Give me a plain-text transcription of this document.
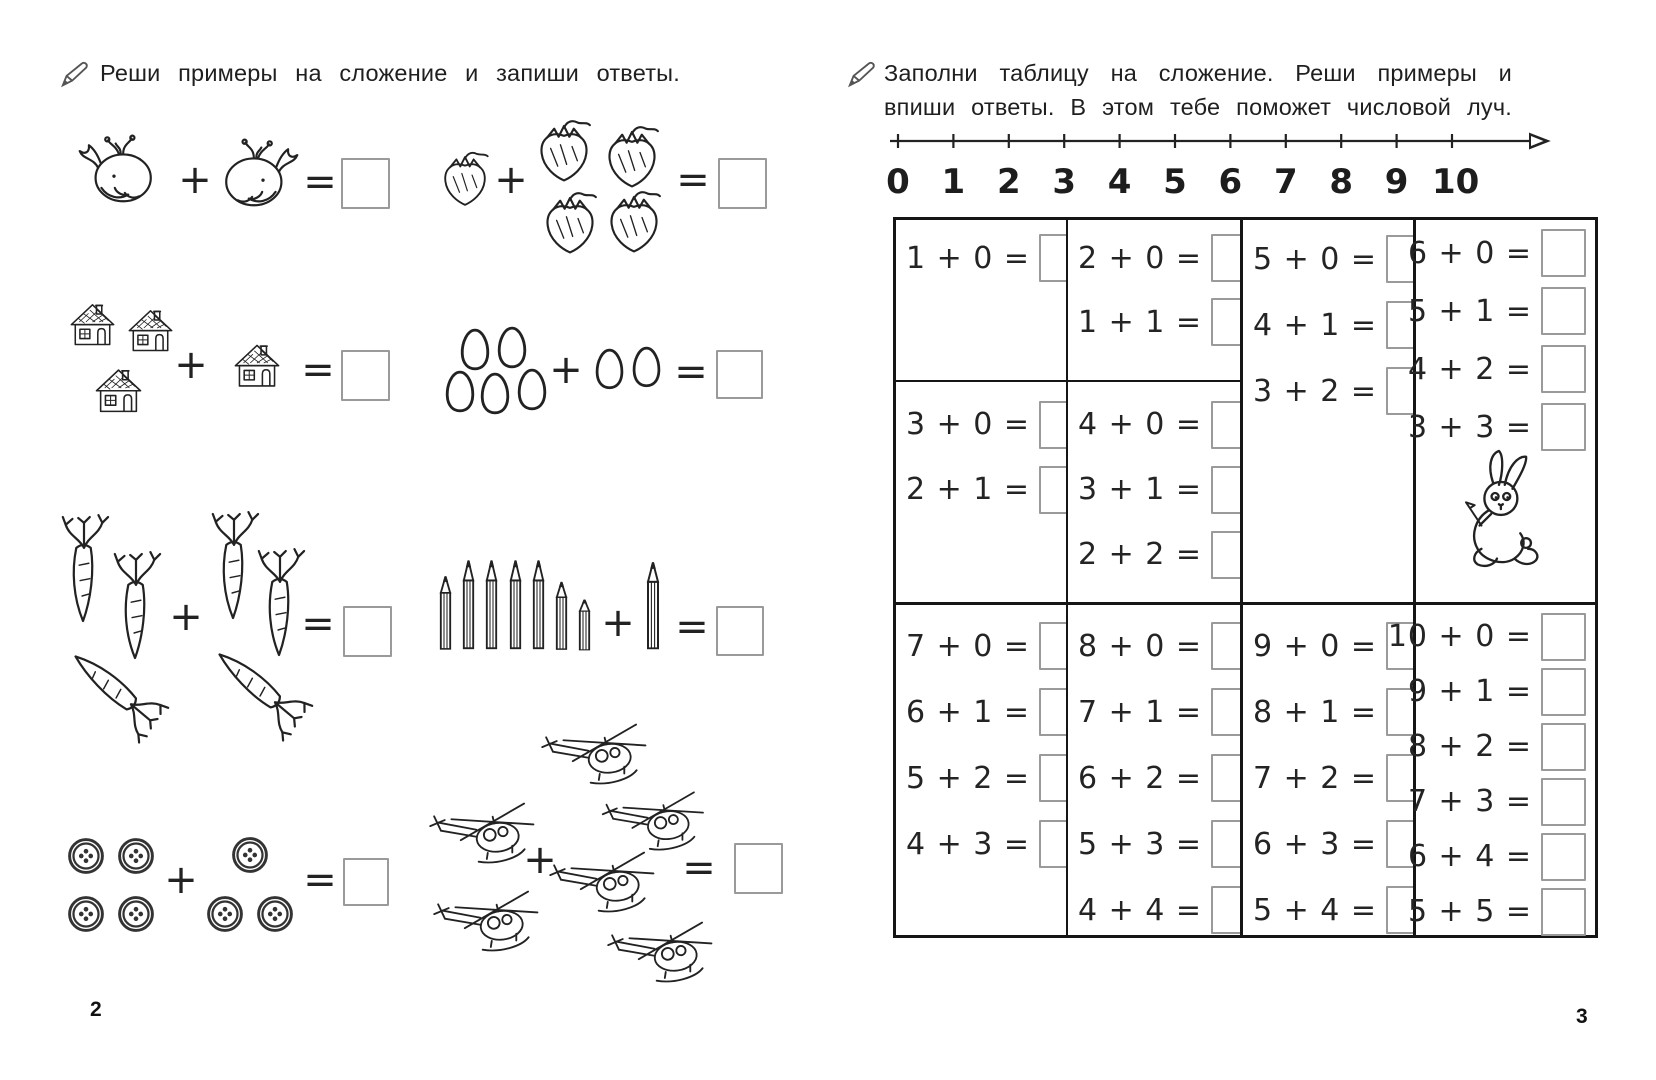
Реши примеры на сложение и запиши ответы.
+ =	+	=
+ =	+ =
+ =	+ =
+	=	+	=
2
Заполни таблицу на сложение. Реши примеры и
впиши ответы. В этом тебе поможет числовой луч.
0 1 2 3 4 5 6 7 8 9 10
1 + 0 =
3 + 0 =
2 + 1 =
2 + 0 =
1 + 1 =
4 + 0 =
3 + 1 =
2 + 2 =
5 + 0 =
4 + 1 =
3 + 2 =
6 + 0 =
5 + 1 =
4 + 2 =
3 + 3 =
7 + 0 =
6 + 1 =
5 + 2 =
4 + 3 =
8 + 0 =
7 + 1 =
6 + 2 =
5 + 3 =
4 + 4 =
9 + 0 =
8 + 1 =
7 + 2 =
6 + 3 =
5 + 4 =
10 + 0 =
9 + 1 =
8 + 2 =
7 + 3 =
6 + 4 =
5 + 5 =
3
